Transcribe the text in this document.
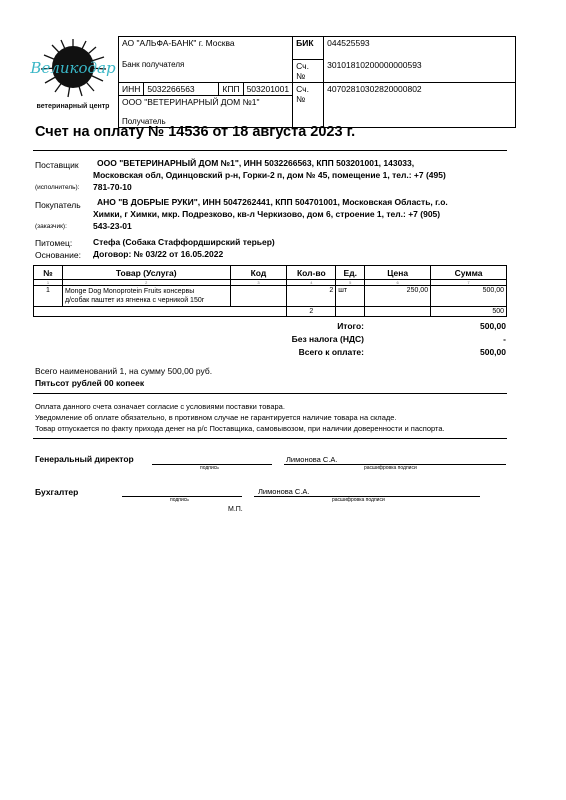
Великодар
ветеринарный центр
АО "АЛЬФА-БАНК" г. Москва				БИК	044525593
Банк получателя				Сч. №	30101810200000000593
ИНН	5032266563	КПП	503201001	Сч. №	40702810302820000802

ООО "ВЕТЕРИНАРНЫЙ ДОМ №1"
Получатель					
Счет на оплату № 14536 от 18 августа 2023 г.
Поставщик
(исполнитель):
ООО "ВЕТЕРИНАРНЫЙ ДОМ №1", ИНН 5032266563, КПП 503201001, 143033,
Московская обл, Одинцовский р-н, Горки-2 п, дом № 45, помещение 1, тел.: +7 (495)
781-70-10
Покупатель
(заказчик):
АНО "В ДОБРЫЕ РУКИ", ИНН 5047262441, КПП 504701001, Московская Область, г.о.
Химки, г Химки, мкр. Подрезково, кв-л Черкизово, дом 6, строение 1, тел.: +7 (905)
543-23-01
Питомец: Стефа (Собака Стаффордширский терьер)
Основание: Договор: № 03/22 от 16.05.2022
№	Товар (Услуга)	Код	Кол-во	Ед.	Цена	Сумма
1	2	3	4	5	6	7
1	Monge Dog Monoprotein Fruits консервы
д/собак паштет из ягненка с черникой 150г		2	шт	250,00	500,00
			2			500
Итого:	500,00
Без налога (НДС)	-
Всего к оплате:	500,00
Всего наименований 1, на сумму 500,00 руб.
Пятьсот рублей 00 копеек
Оплата данного счета означает согласие с условиями поставки товара.
Уведомление об оплате обязательно, в противном случае не гарантируется наличие товара на складе.
Товар отпускается по факту прихода денег на р/с Поставщика, самовывозом, при наличии доверенности и паспорта.
Генеральный директор
подпись
Лимонова С.А.
расшифровка подписи
Бухгалтер
подпись
Лимонова С.А.
расшифровка подписи
М.П.
